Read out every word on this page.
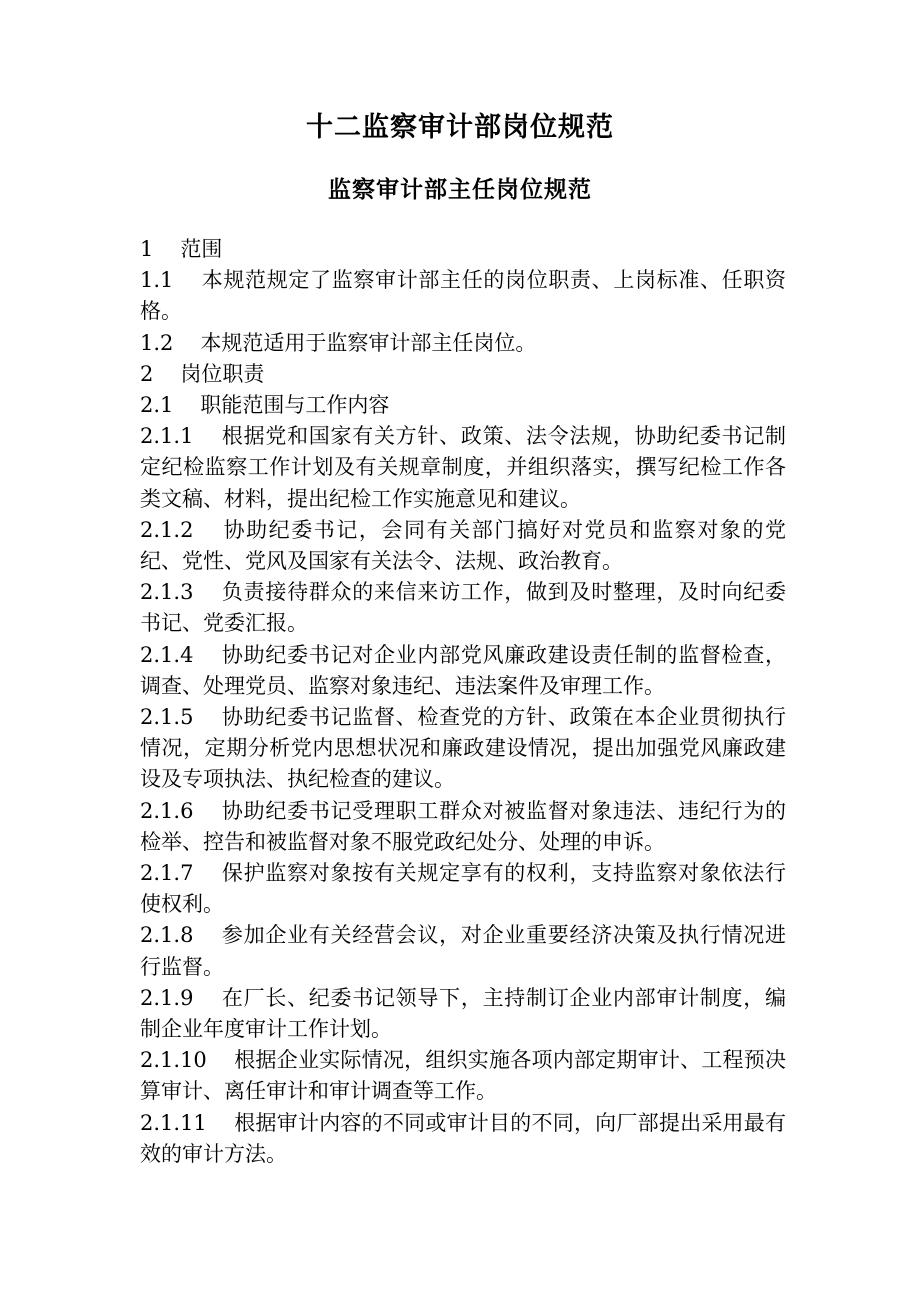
十二监察审计部岗位规范
监察审计部主任岗位规范

1　 范围

1.1　 本规范规定了监察审计部主任的岗位职责、上岗标准、任职资格。

1.2　 本规范适用于监察审计部主任岗位。

2　 岗位职责

2.1　 职能范围与工作内容

2.1.1　 根据党和国家有关方针、政策、法令法规，协助纪委书记制定纪检监察工作计划及有关规章制度，并组织落实，撰写纪检工作各类文稿、材料，提出纪检工作实施意见和建议。

2.1.2　 协助纪委书记，会同有关部门搞好对党员和监察对象的党纪、党性、党风及国家有关法令、法规、政治教育。

2.1.3　 负责接待群众的来信来访工作，做到及时整理，及时向纪委书记、党委汇报。

2.1.4　 协助纪委书记对企业内部党风廉政建设责任制的监督检查，调查、处理党员、监察对象违纪、违法案件及审理工作。

2.1.5　 协助纪委书记监督、检查党的方针、政策在本企业贯彻执行情况，定期分析党内思想状况和廉政建设情况，提出加强党风廉政建设及专项执法、执纪检查的建议。

2.1.6　 协助纪委书记受理职工群众对被监督对象违法、违纪行为的检举、控告和被监督对象不服党政纪处分、处理的申诉。

2.1.7　 保护监察对象按有关规定享有的权利，支持监察对象依法行使权利。

2.1.8　 参加企业有关经营会议，对企业重要经济决策及执行情况进行监督。

2.1.9　 在厂长、纪委书记领导下，主持制订企业内部审计制度，编制企业年度审计工作计划。

2.1.10　 根据企业实际情况，组织实施各项内部定期审计、工程预决算审计、离任审计和审计调查等工作。

2.1.11　 根据审计内容的不同或审计目的不同，向厂部提出采用最有效的审计方法。
